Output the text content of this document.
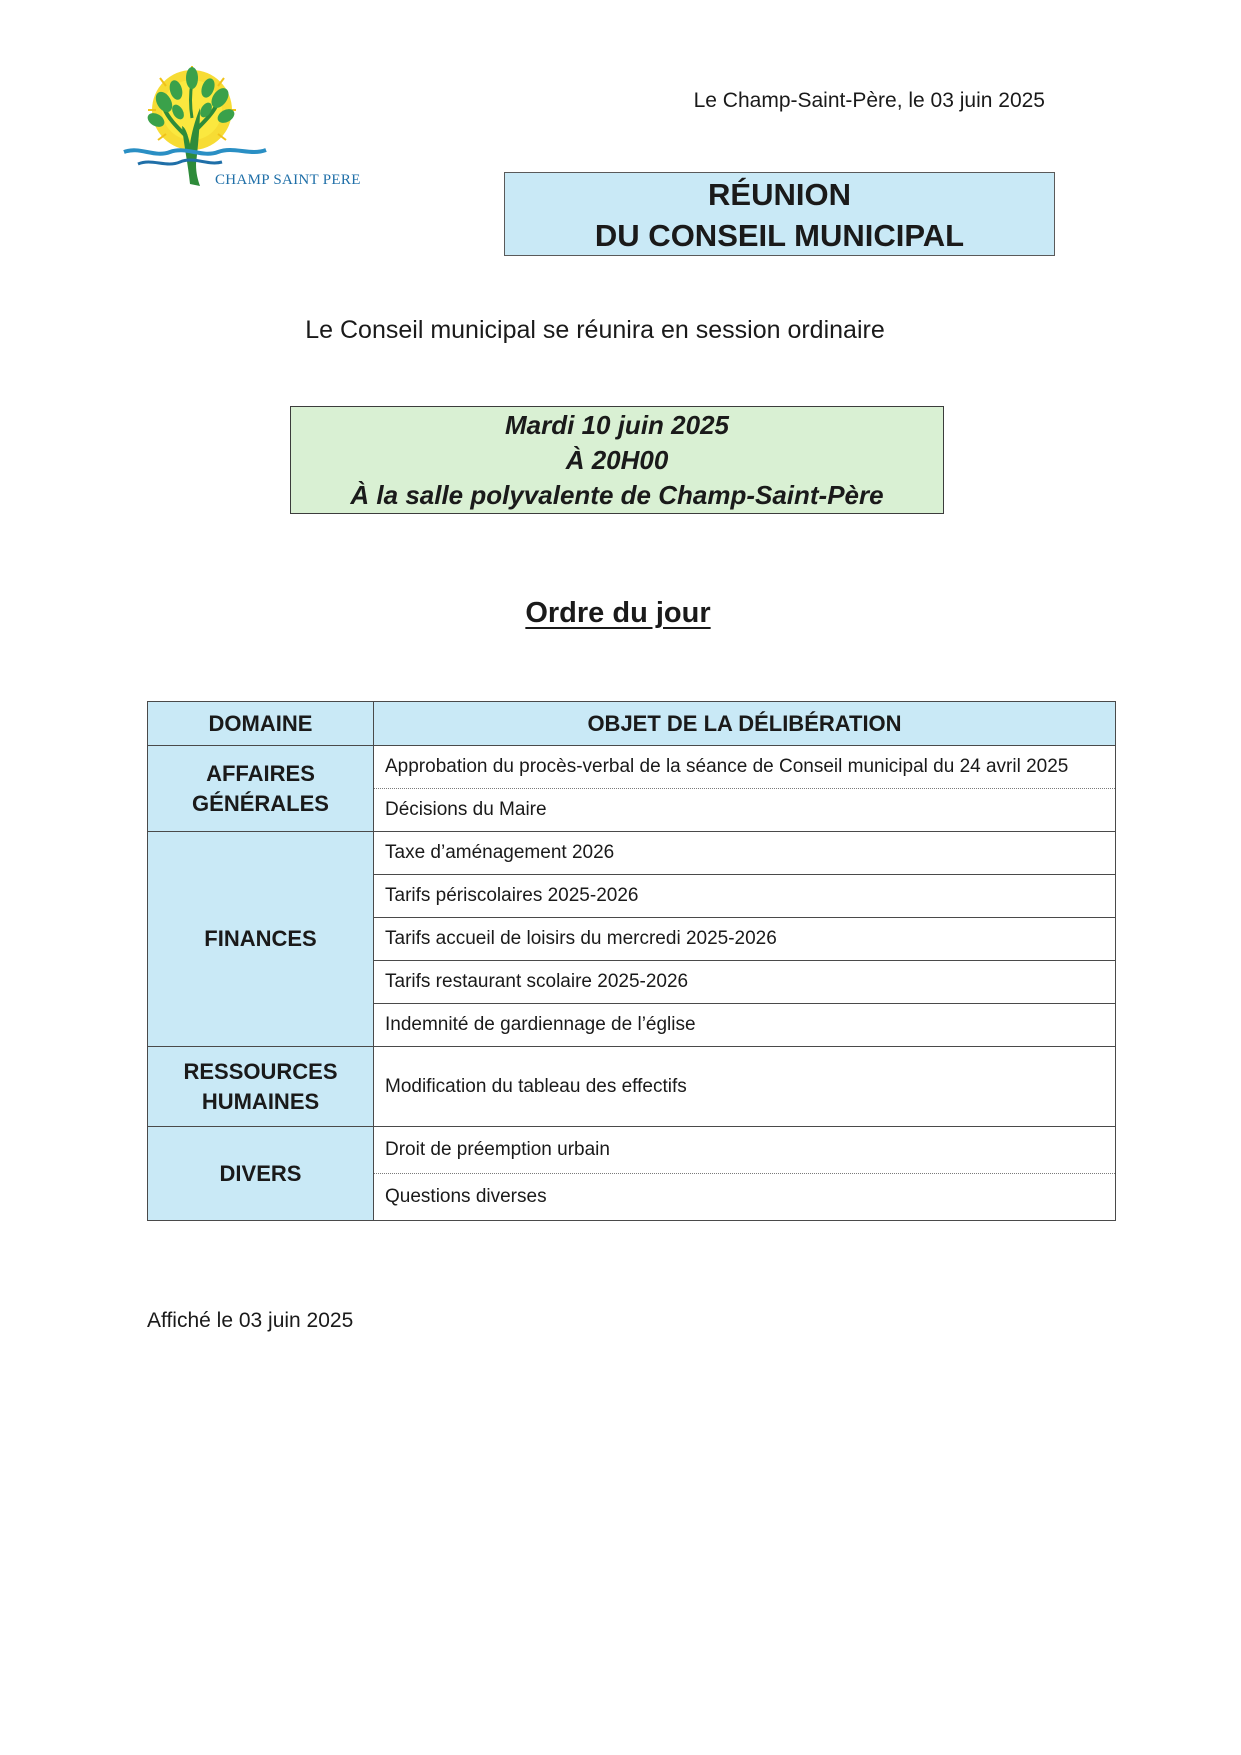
CHAMP SAINT PERE
Le Champ-Saint-Père, le 03 juin 2025
RÉUNION
DU CONSEIL MUNICIPAL
Le Conseil municipal se réunira en session ordinaire
Mardi 10 juin 2025
À 20H00
À la salle polyvalente de Champ-Saint-Père
Ordre du jour
DOMAINE	OBJET DE LA DÉLIBÉRATION
AFFAIRES GÉNÉRALES	Approbation du procès-verbal de la séance de Conseil municipal du 24 avril 2025
	Décisions du Maire
FINANCES	Taxe d’aménagement 2026
	Tarifs périscolaires 2025-2026
	Tarifs accueil de loisirs du mercredi 2025-2026
	Tarifs restaurant scolaire 2025-2026
	Indemnité de gardiennage de l’église
RESSOURCES HUMAINES	Modification du tableau des effectifs
DIVERS	Droit de préemption urbain
	Questions diverses
Affiché le 03 juin 2025
